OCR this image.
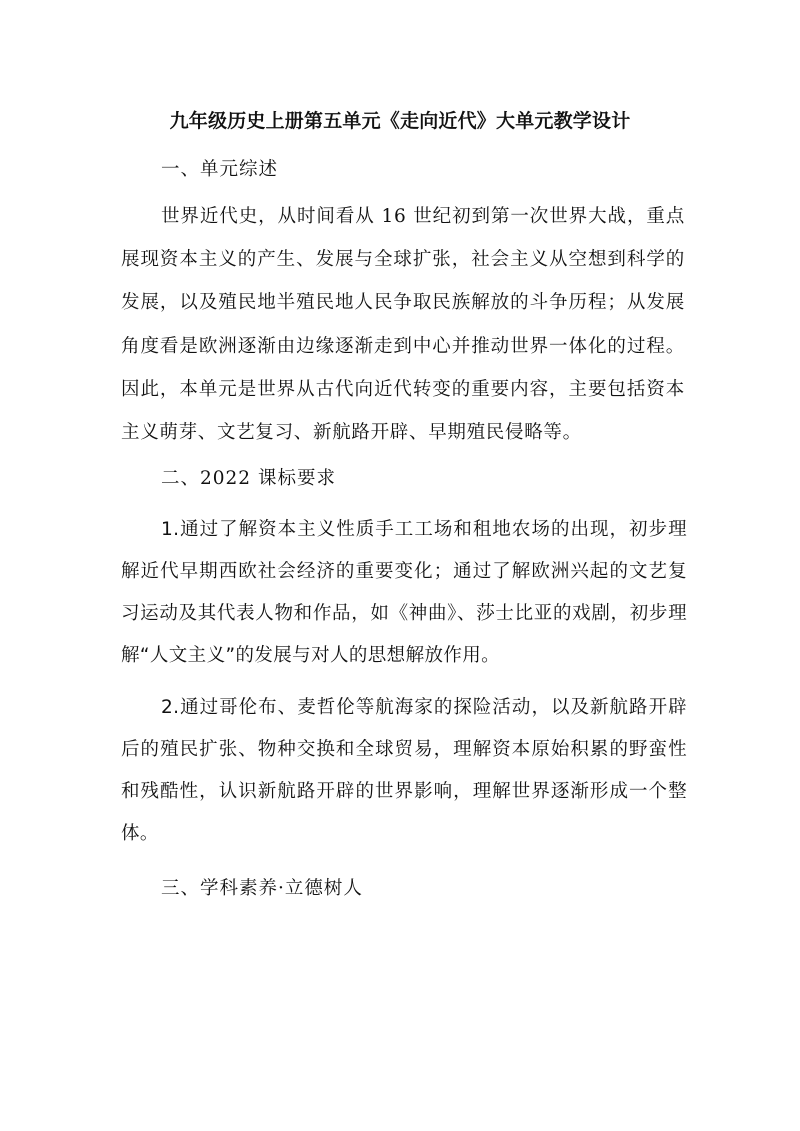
九年级历史上册第五单元《走向近代》大单元教学设计
一、单元综述
世界近代史，从时间看从 16 世纪初到第一次世界大战，重点展现资本主义的产生、发展与全球扩张，社会主义从空想到科学的发展，以及殖民地半殖民地人民争取民族解放的斗争历程；从发展角度看是欧洲逐渐由边缘逐渐走到中心并推动世界一体化的过程。因此，本单元是世界从古代向近代转变的重要内容，主要包括资本主义萌芽、文艺复习、新航路开辟、早期殖民侵略等。
二、2022 课标要求
1.通过了解资本主义性质手工工场和租地农场的出现，初步理解近代早期西欧社会经济的重要变化；通过了解欧洲兴起的文艺复习运动及其代表人物和作品，如《神曲》、莎士比亚的戏剧，初步理解“人文主义”的发展与对人的思想解放作用。
2.通过哥伦布、麦哲伦等航海家的探险活动，以及新航路开辟后的殖民扩张、物种交换和全球贸易，理解资本原始积累的野蛮性和残酷性，认识新航路开辟的世界影响，理解世界逐渐形成一个整体。
三、学科素养·立德树人
